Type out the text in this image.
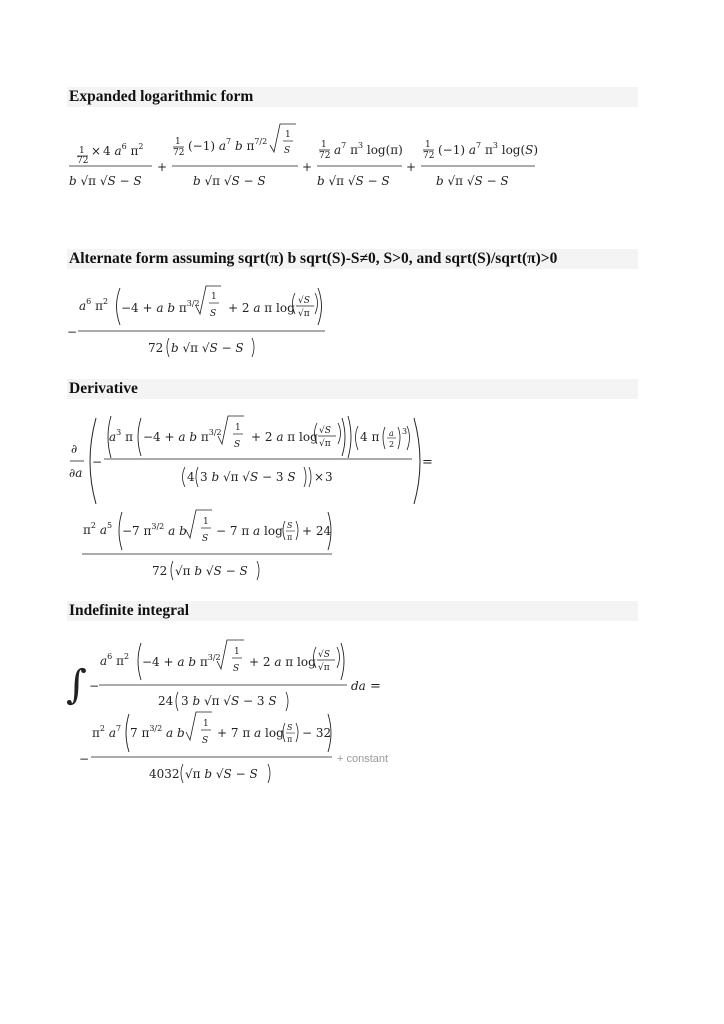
Expanded logarithmic form
Alternate form assuming sqrt(π) b sqrt(S)-S≠0, S>0, and sqrt(S)/sqrt(π)>0
Derivative
Indefinite integral
1
72
× 4 $a^6$ $\pi^2$
b √π √S − S
+
1
72 (−1) $a^7$ b $\pi^{7/2}$
1
S
b √π √S − S
+
1
72 $a^7$ $\pi^3$ log(π)
b √π √S − S
+
1
72 (−1) $a^7$ $\pi^3$ log(S)
b √π √S − S
−
$a^6$ $\pi^2 -4 + a$ b $\pi^{3/2}$
1
S + 2 a π log √S
√π
72 b √π √S − S
∂
∂a
−
$a^3$ π −4 + a b $\pi^{3/2}$ 1
S
+ 2 a π log √S
√π 4 π a
2
3
4 3 b √π √S − 3 S × 3
=
$\pi^2$ $a^5 -7$ $\pi^{3/2}$ a b
1
S
− 7 π a log S
π + 24
72 √π b √S − S
∫ −
$a^6$ $\pi^2 -4 + a$ b $\pi^{3/2}$
1
S + 2 a π log √S
√π
24 3 b √π √S − 3 S
da =
−
$\pi^2$ $a^7$ 7 $\pi^{3/2}$ a b
1
S
+ 7 π a log S
π − 32
4032 √π b √S − S
+ constant
